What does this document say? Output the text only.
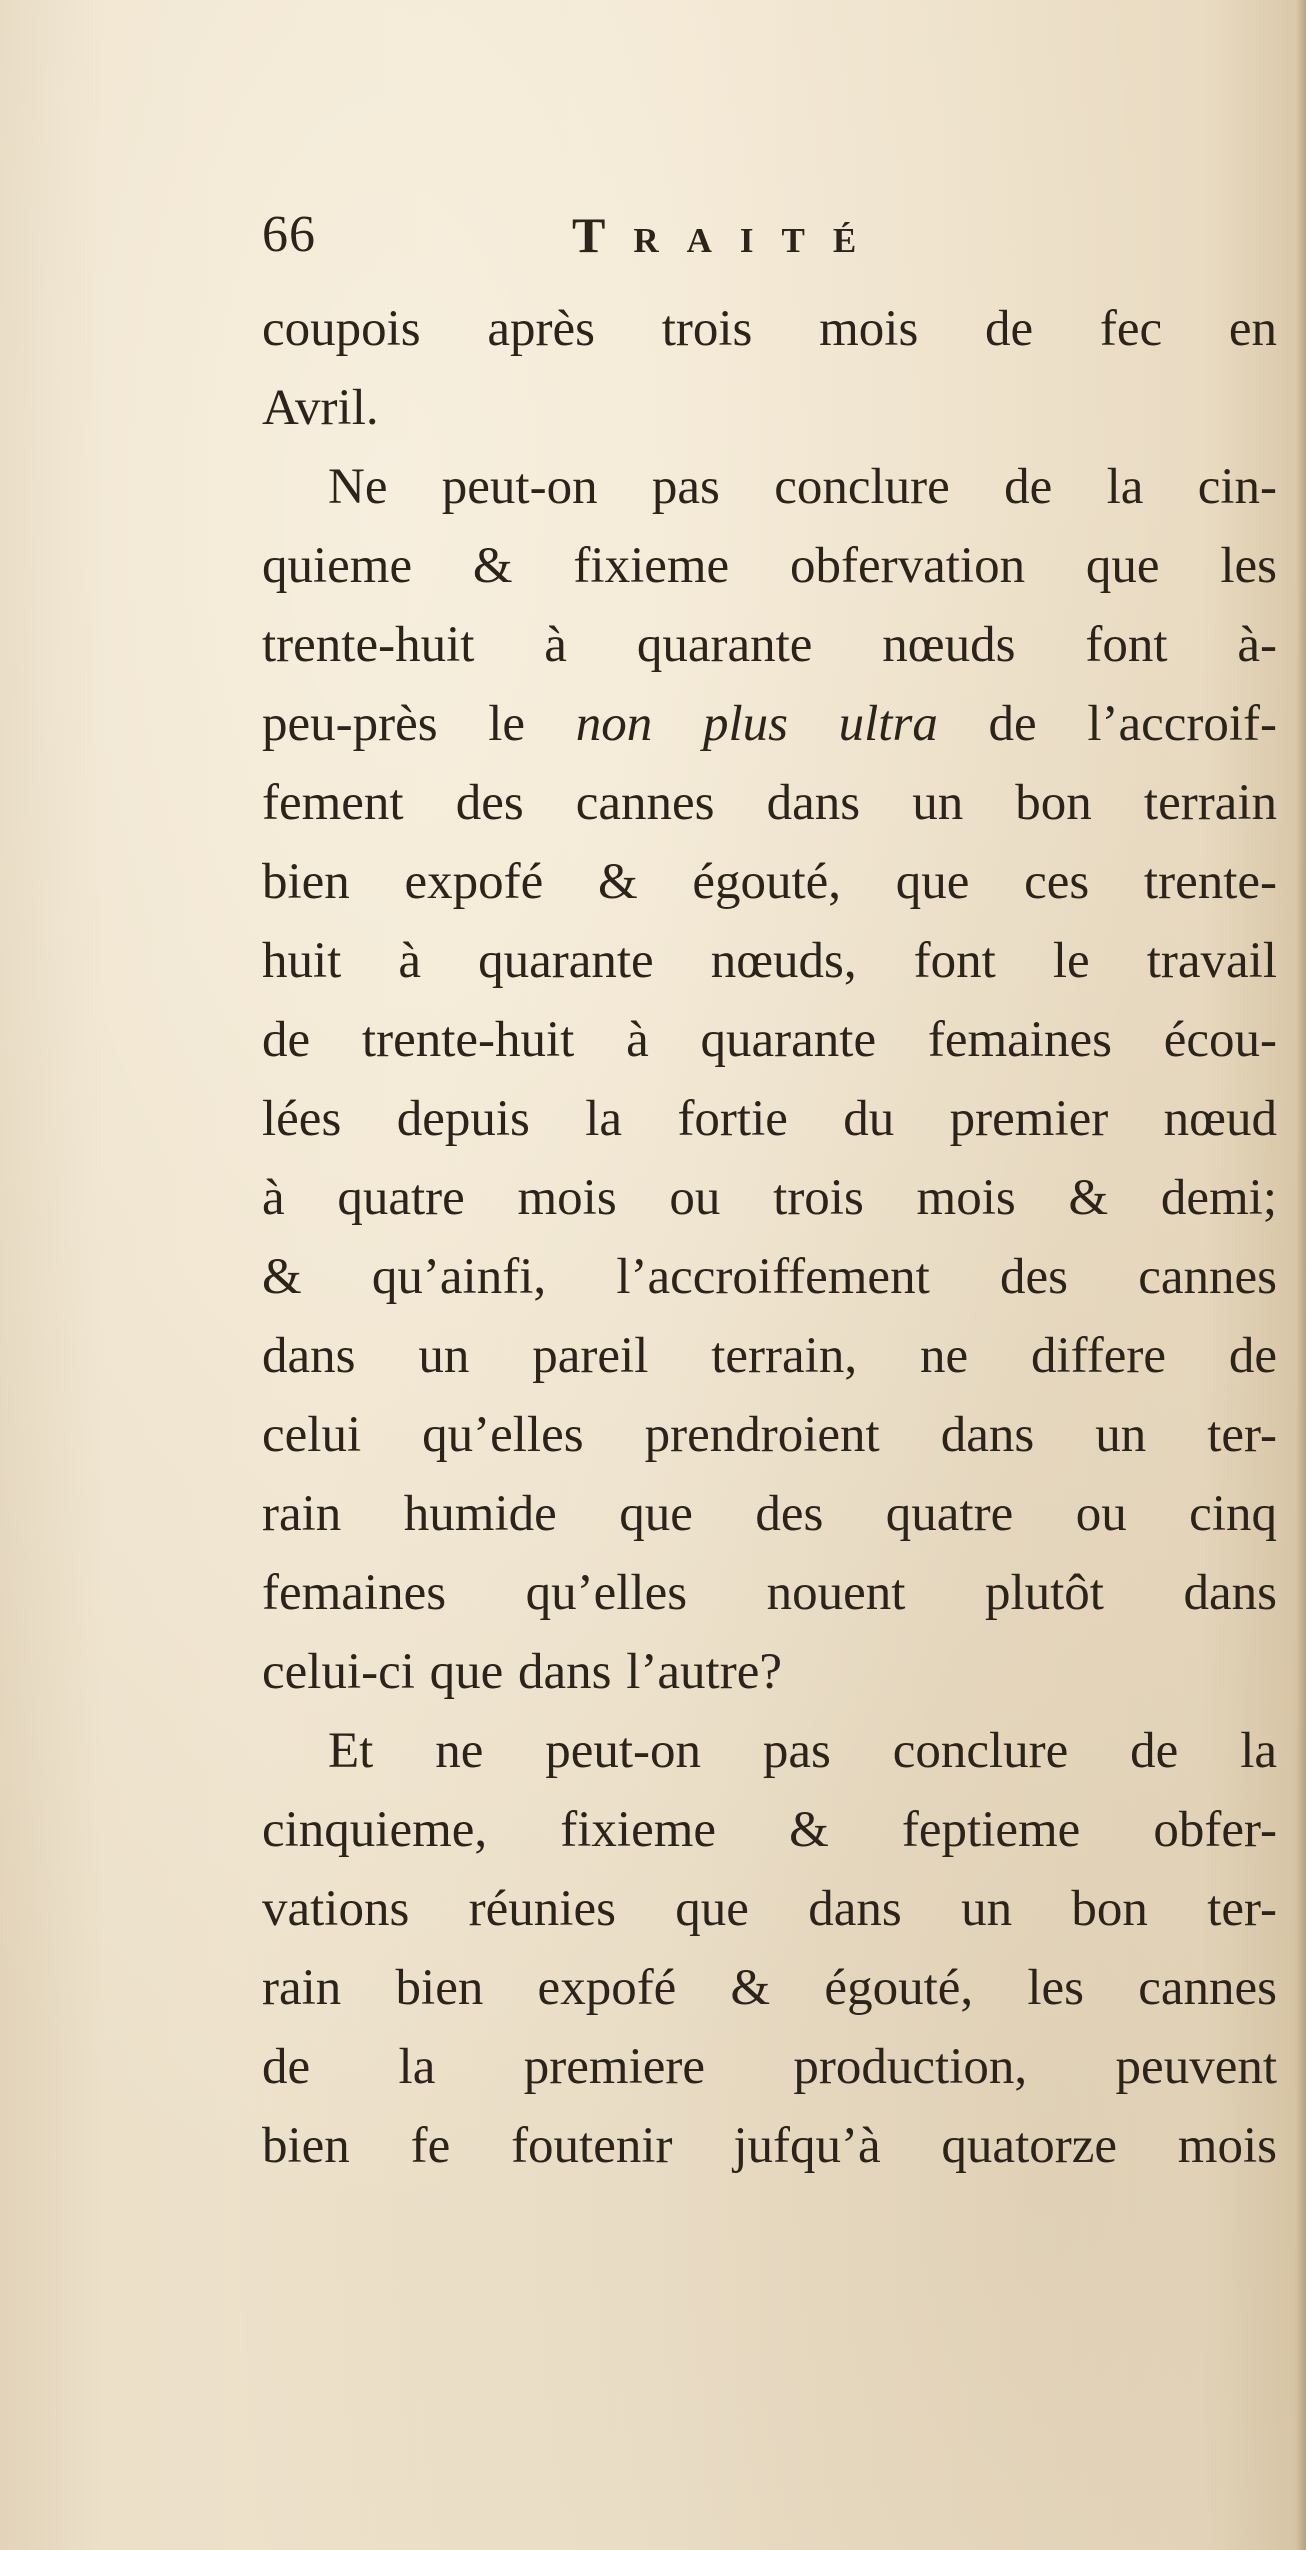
66	Traité
coupois après trois mois de fec en
Avril.
Ne peut-on pas conclure de la cin-
quieme & fixieme obfervation que les
trente-huit à quarante nœuds font à-
peu-près le non plus ultra de l’accroif-
fement des cannes dans un bon terrain
bien expofé & égouté, que ces trente-
huit à quarante nœuds, font le travail
de trente-huit à quarante femaines écou-
lées depuis la fortie du premier nœud
à quatre mois ou trois mois & demi;
& qu’ainfi, l’accroiffement des cannes
dans un pareil terrain, ne differe de
celui qu’elles prendroient dans un ter-
rain humide que des quatre ou cinq
femaines qu’elles nouent plutôt dans
celui-ci que dans l’autre?
Et ne peut-on pas conclure de la
cinquieme, fixieme & feptieme obfer-
vations réunies que dans un bon ter-
rain bien expofé & égouté, les cannes
de la premiere production, peuvent
bien fe foutenir jufqu’à quatorze mois
